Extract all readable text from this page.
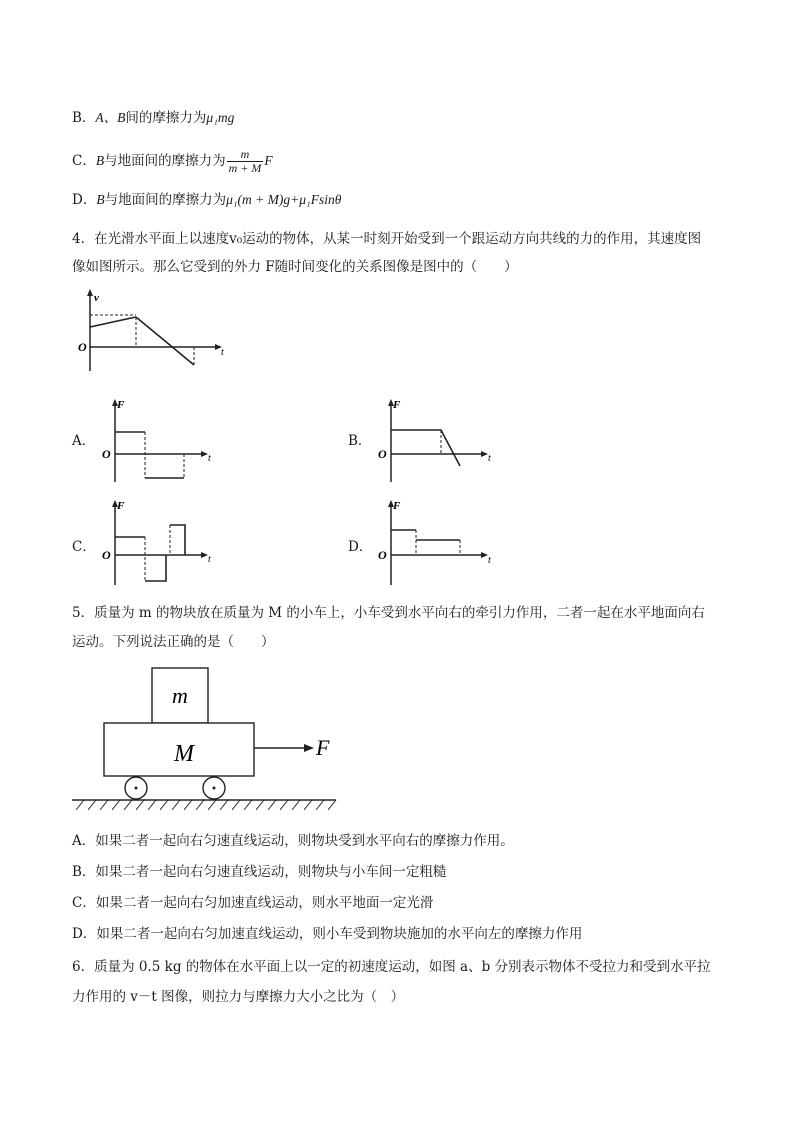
B．A、B间的摩擦力为μ₁mg
C．B与地面间的摩擦力为 $\frac{m}{m + M}$ F
D．B与地面间的摩擦力为μ₁(m + M)g+μ₁Fsinθ
4．在光滑水平面上以速度v₀运动的物体，从某一时刻开始受到一个跟运动方向共线的力的作用，其速度图
像如图所示。那么它受到的外力 F随时间变化的关系图像是图中的（　　）
v
O	t
A．
F
O	t
B．
F
O	t
C．
F
O	t
D．
F
O	t
5．质量为 m 的物块放在质量为 M 的小车上，小车受到水平向右的牵引力作用，二者一起在水平地面向右
运动。下列说法正确的是（　　）
m
M	F
A．如果二者一起向右匀速直线运动，则物块受到水平向右的摩擦力作用。
B．如果二者一起向右匀速直线运动，则物块与小车间一定粗糙
C．如果二者一起向右匀加速直线运动，则水平地面一定光滑
D．如果二者一起向右匀加速直线运动，则小车受到物块施加的水平向左的摩擦力作用
6．质量为 0.5 kg 的物体在水平面上以一定的初速度运动，如图 a、b 分别表示物体不受拉力和受到水平拉
力作用的 v－t 图像，则拉力与摩擦力大小之比为（　）
